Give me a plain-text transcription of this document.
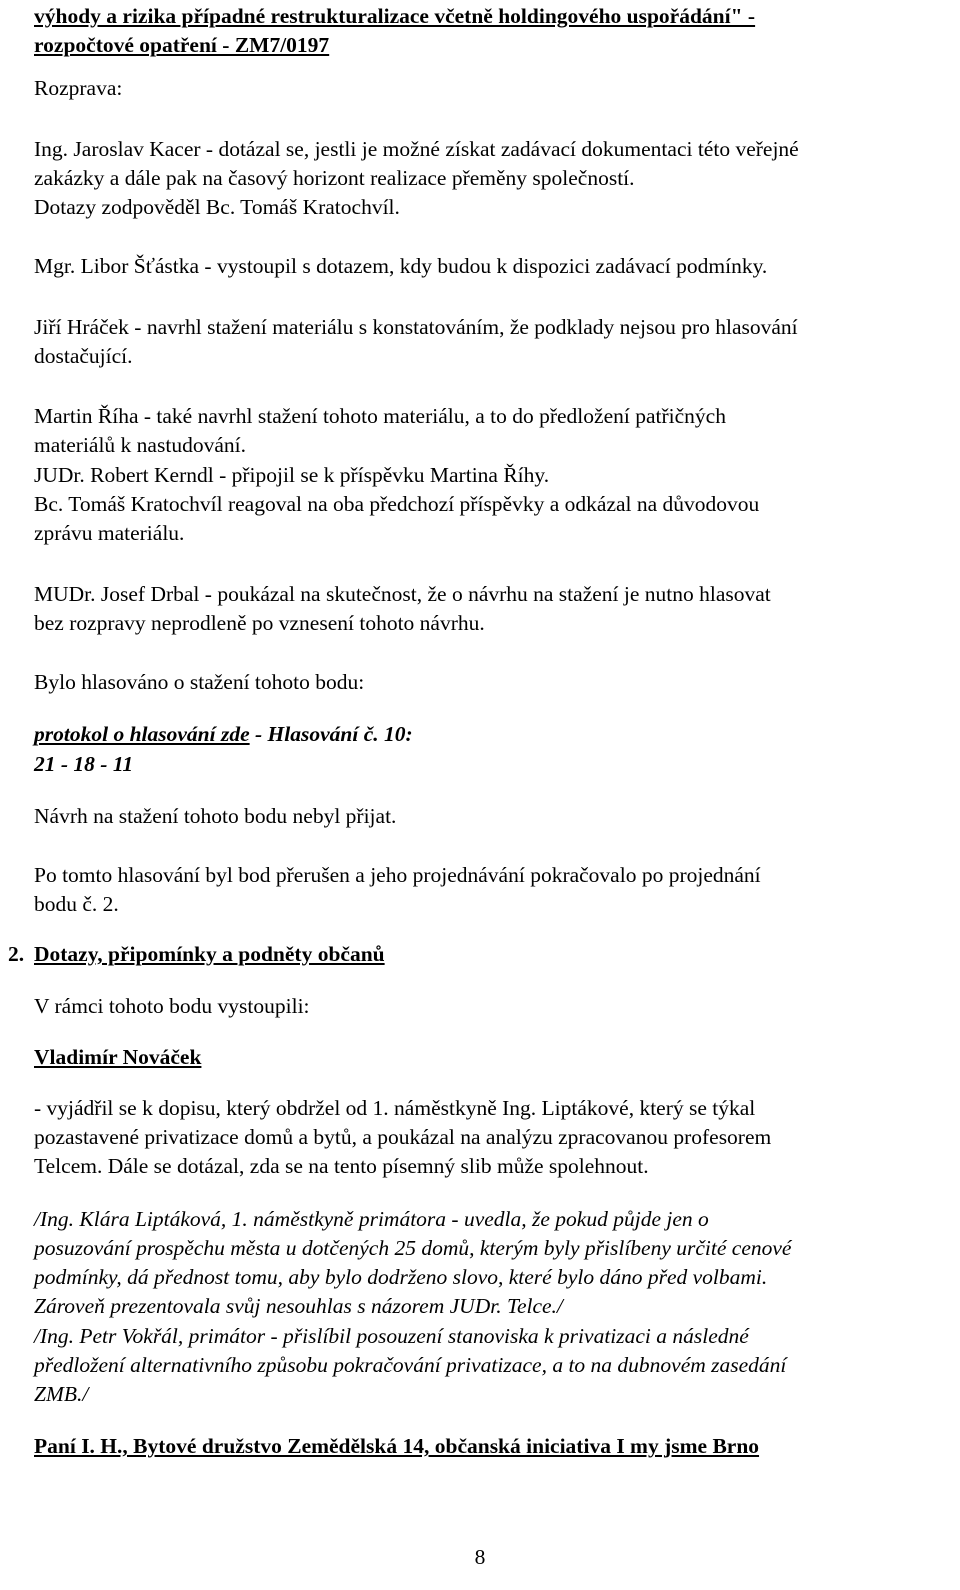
výhody a rizika případné restrukturalizace včetně holdingového uspořádání" -
rozpočtové opatření - ZM7/0197
Rozprava:
Ing. Jaroslav Kacer - dotázal se, jestli je možné získat zadávací dokumentaci této veřejné
zakázky a dále pak na časový horizont realizace přeměny společností.
Dotazy zodpověděl Bc. Tomáš Kratochvíl.
Mgr. Libor Šťástka - vystoupil s dotazem, kdy budou k dispozici zadávací podmínky.
Jiří Hráček - navrhl stažení materiálu s konstatováním, že podklady nejsou pro hlasování
dostačující.
Martin Říha - také navrhl stažení tohoto materiálu, a to do předložení patřičných
materiálů k nastudování.
JUDr. Robert Kerndl - připojil se k příspěvku Martina Říhy.
Bc. Tomáš Kratochvíl reagoval na oba předchozí příspěvky a odkázal na důvodovou
zprávu materiálu.
MUDr. Josef Drbal - poukázal na skutečnost, že o návrhu na stažení je nutno hlasovat
bez rozpravy neprodleně po vznesení tohoto návrhu.
Bylo hlasováno o stažení tohoto bodu:
protokol o hlasování zde - Hlasování č. 10:
21 - 18 - 11
Návrh na stažení tohoto bodu nebyl přijat.
Po tomto hlasování byl bod přerušen a jeho projednávání pokračovalo po projednání
bodu č. 2.
2. Dotazy, připomínky a podněty občanů
V rámci tohoto bodu vystoupili:
Vladimír Nováček
- vyjádřil se k dopisu, který obdržel od 1. náměstkyně Ing. Liptákové, který se týkal
pozastavené privatizace domů a bytů, a poukázal na analýzu zpracovanou profesorem
Telcem. Dále se dotázal, zda se na tento písemný slib může spolehnout.
/Ing. Klára Liptáková, 1. náměstkyně primátora - uvedla, že pokud půjde jen o
posuzování prospěchu města u dotčených 25 domů, kterým byly přislíbeny určité cenové
podmínky, dá přednost tomu, aby bylo dodrženo slovo, které bylo dáno před volbami.
Zároveň prezentovala svůj nesouhlas s názorem JUDr. Telce./
/Ing. Petr Vokřál, primátor - přislíbil posouzení stanoviska k privatizaci a následné
předložení alternativního způsobu pokračování privatizace, a to na dubnovém zasedání
ZMB./
Paní I. H., Bytové družstvo Zemědělská 14, občanská iniciativa I my jsme Brno
8
